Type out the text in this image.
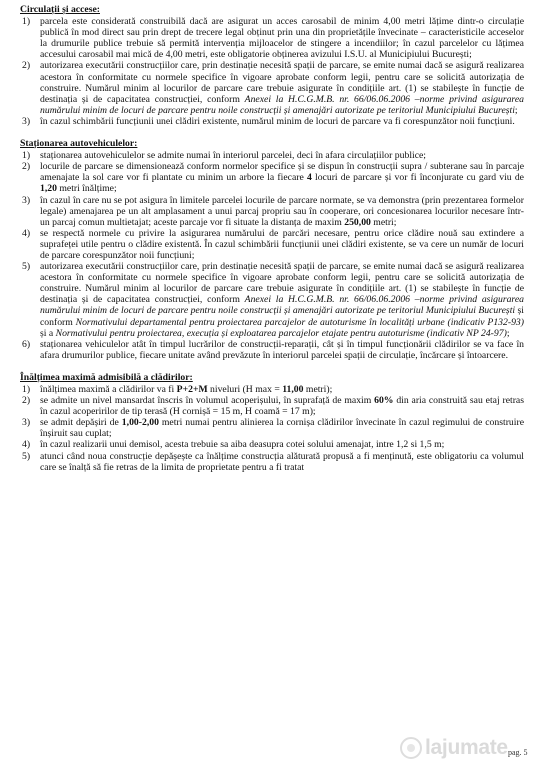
Circulații și accese:
1)	parcela este considerată construibilă dacă are asigurat un acces carosabil de minim 4,00 metri lățime dintr-o circulație publică în mod direct sau prin drept de trecere legal obținut prin una din proprietățile învecinate – caracteristicile acceselor la drumurile publice trebuie să permită intervenția mijloacelor de stingere a incendiilor; în cazul parcelelor cu lățimea accesului carosabil mai mică de 4,00 metri, este obligatorie obținerea avizului I.S.U. al Municipiului București;
2)	autorizarea executării construcțiilor care, prin destinație necesită spații de parcare, se emite numai dacă se asigură realizarea acestora în conformitate cu normele specifice în vigoare aprobate conform legii, pentru care se solicită autorizația de construire. Numărul minim al locurilor de parcare care trebuie asigurate în condițiile art. (1) se stabilește în funcție de destinația și de capacitatea construcției, conform Anexei la H.C.G.M.B. nr. 66/06.06.2006 –norme privind asigurarea numărului minim de locuri de parcare pentru noile construcții și amenajări autorizate pe teritoriul Municipiului București;
3)	în cazul schimbării funcțiunii unei clădiri existente, numărul minim de locuri de parcare va fi corespunzător noii funcțiuni.
Staționarea autovehiculelor:
1)	staționarea autovehiculelor se admite numai în interiorul parcelei, deci în afara circulațiilor publice;
2)	locurile de parcare se dimensionează conform normelor specifice și se dispun în construcții supra / subterane sau în parcaje amenajate la sol care vor fi plantate cu minim un arbore la fiecare 4 locuri de parcare și vor fi înconjurate cu gard viu de 1,20 metri înălțime;
3)	în cazul în care nu se pot asigura în limitele parcelei locurile de parcare normate, se va demonstra (prin prezentarea formelor legale) amenajarea pe un alt amplasament a unui parcaj propriu sau în cooperare, ori concesionarea locurilor necesare într-un parcaj comun multietajat; aceste parcaje vor fi situate la distanța de maxim 250,00 metri;
4)	se respectă normele cu privire la asigurarea numărului de parcări necesare, pentru orice clădire nouă sau extindere a suprafeței utile pentru o clădire existentă. În cazul schimbării funcțiunii unei clădiri existente, se va cere un număr de locuri de parcare corespunzător noii funcțiuni;
5)	autorizarea executării construcțiilor care, prin destinație necesită spații de parcare, se emite numai dacă se asigură realizarea acestora în conformitate cu normele specifice în vigoare aprobate conform legii, pentru care se solicită autorizația de construire. Numărul minim al locurilor de parcare care trebuie asigurate în condițiile art. (1) se stabilește în funcție de destinația și de capacitatea construcției, conform Anexei la H.C.G.M.B. nr. 66/06.06.2006 –norme privind asigurarea numărului minim de locuri de parcare pentru noile construcții și amenajări autorizate pe teritoriul Municipiului București și conform Normativului departamental pentru proiectarea parcajelor de autoturisme în localități urbane (indicativ P132-93) și a Normativului pentru proiectarea, execuția și exploatarea parcajelor etajate pentru autoturisme (indicativ NP 24-97);
6)	staționarea vehiculelor atât în timpul lucrărilor de construcții-reparații, cât și în timpul funcționării clădirilor se va face în afara drumurilor publice, fiecare unitate având prevăzute în interiorul parcelei spații de circulație, încărcare și întoarcere.
Înălțimea maximă admisibilă a clădirilor:
1)	înălțimea maximă a clădirilor va fi P+2+M niveluri (H max = 11,00 metri);
2)	se admite un nivel mansardat înscris în volumul acoperișului, în suprafață de maxim 60% din aria construită sau etaj retras în cazul acoperirilor de tip terasă (H cornișă = 15 m, H coamă = 17 m);
3)	se admit depășiri de 1,00-2,00 metri numai pentru alinierea la cornișa clădirilor învecinate în cazul regimului de construire înșiruit sau cuplat;
4)	în cazul realizarii unui demisol, acesta trebuie sa aiba deasupra cotei solului amenajat, intre 1,2 si 1,5 m;
5)	atunci când noua construcție depășește ca înălțime construcția alăturată propusă a fi menținută, este obligatoriu ca volumul care se înalță să fie retras de la limita de proprietate pentru a fi tratat
lajumate pag. 5
